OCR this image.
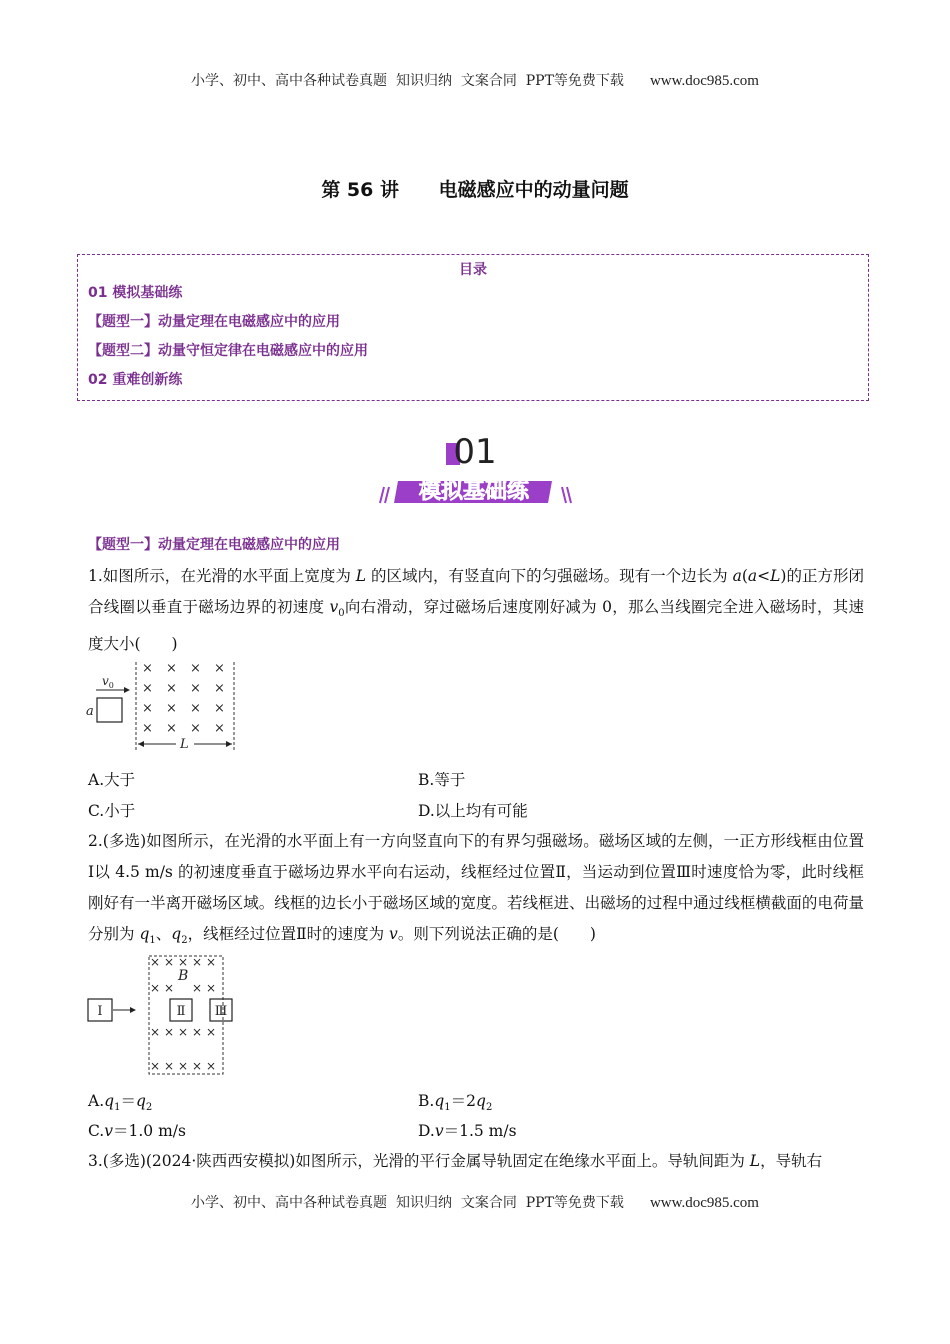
小学、初中、高中各种试卷真题  知识归纳  文案合同  PPT等免费下载 www.doc985.com
第 56 讲      电磁感应中的动量问题
目录
01 模拟基础练
【题型一】动量定理在电磁感应中的应用
【题型二】动量守恒定律在电磁感应中的应用
02 重难创新练
01
模拟基础练
【题型一】动量定理在电磁感应中的应用
1.如图所示，在光滑的水平面上宽度为 L 的区域内，有竖直向下的匀强磁场。现有一个边长为 a(a<L)的正方形闭合线圈以垂直于磁场边界的初速度 $v_0$向右滑动，穿过磁场后速度刚好减为 0，那么当线圈完全进入磁场时，其速度大小(　　)
× × × ×
× × × ×
× × × ×
× × × ×
a
$v_0$
L
A.大于	B.等于
C.小于	D.以上均有可能
2.(多选)如图所示，在光滑的水平面上有一方向竖直向下的有界匀强磁场。磁场区域的左侧，一正方形线框由位置Ⅰ以 4.5 m/s 的初速度垂直于磁场边界水平向右运动，线框经过位置Ⅱ，当运动到位置Ⅲ时速度恰为零，此时线框刚好有一半离开磁场区域。线框的边长小于磁场区域的宽度。若线框进、出磁场的过程中通过线框横截面的电荷量分别为 $q_1$、$q_2$，线框经过位置Ⅱ时的速度为 v。则下列说法正确的是(　　)
× × × × ×
× × × ×
× × × × ×
× × × × ×
B
Ⅰ	Ⅱ Ⅲ
$A.q_1=q_2$	$B.q_1=2q_2$
C.v＝1.0 m/s	D.v＝1.5 m/s
3.(多选)(2024·陕西西安模拟)如图所示，光滑的平行金属导轨固定在绝缘水平面上。导轨间距为 L，导轨右
小学、初中、高中各种试卷真题  知识归纳  文案合同  PPT等免费下载 www.doc985.com
